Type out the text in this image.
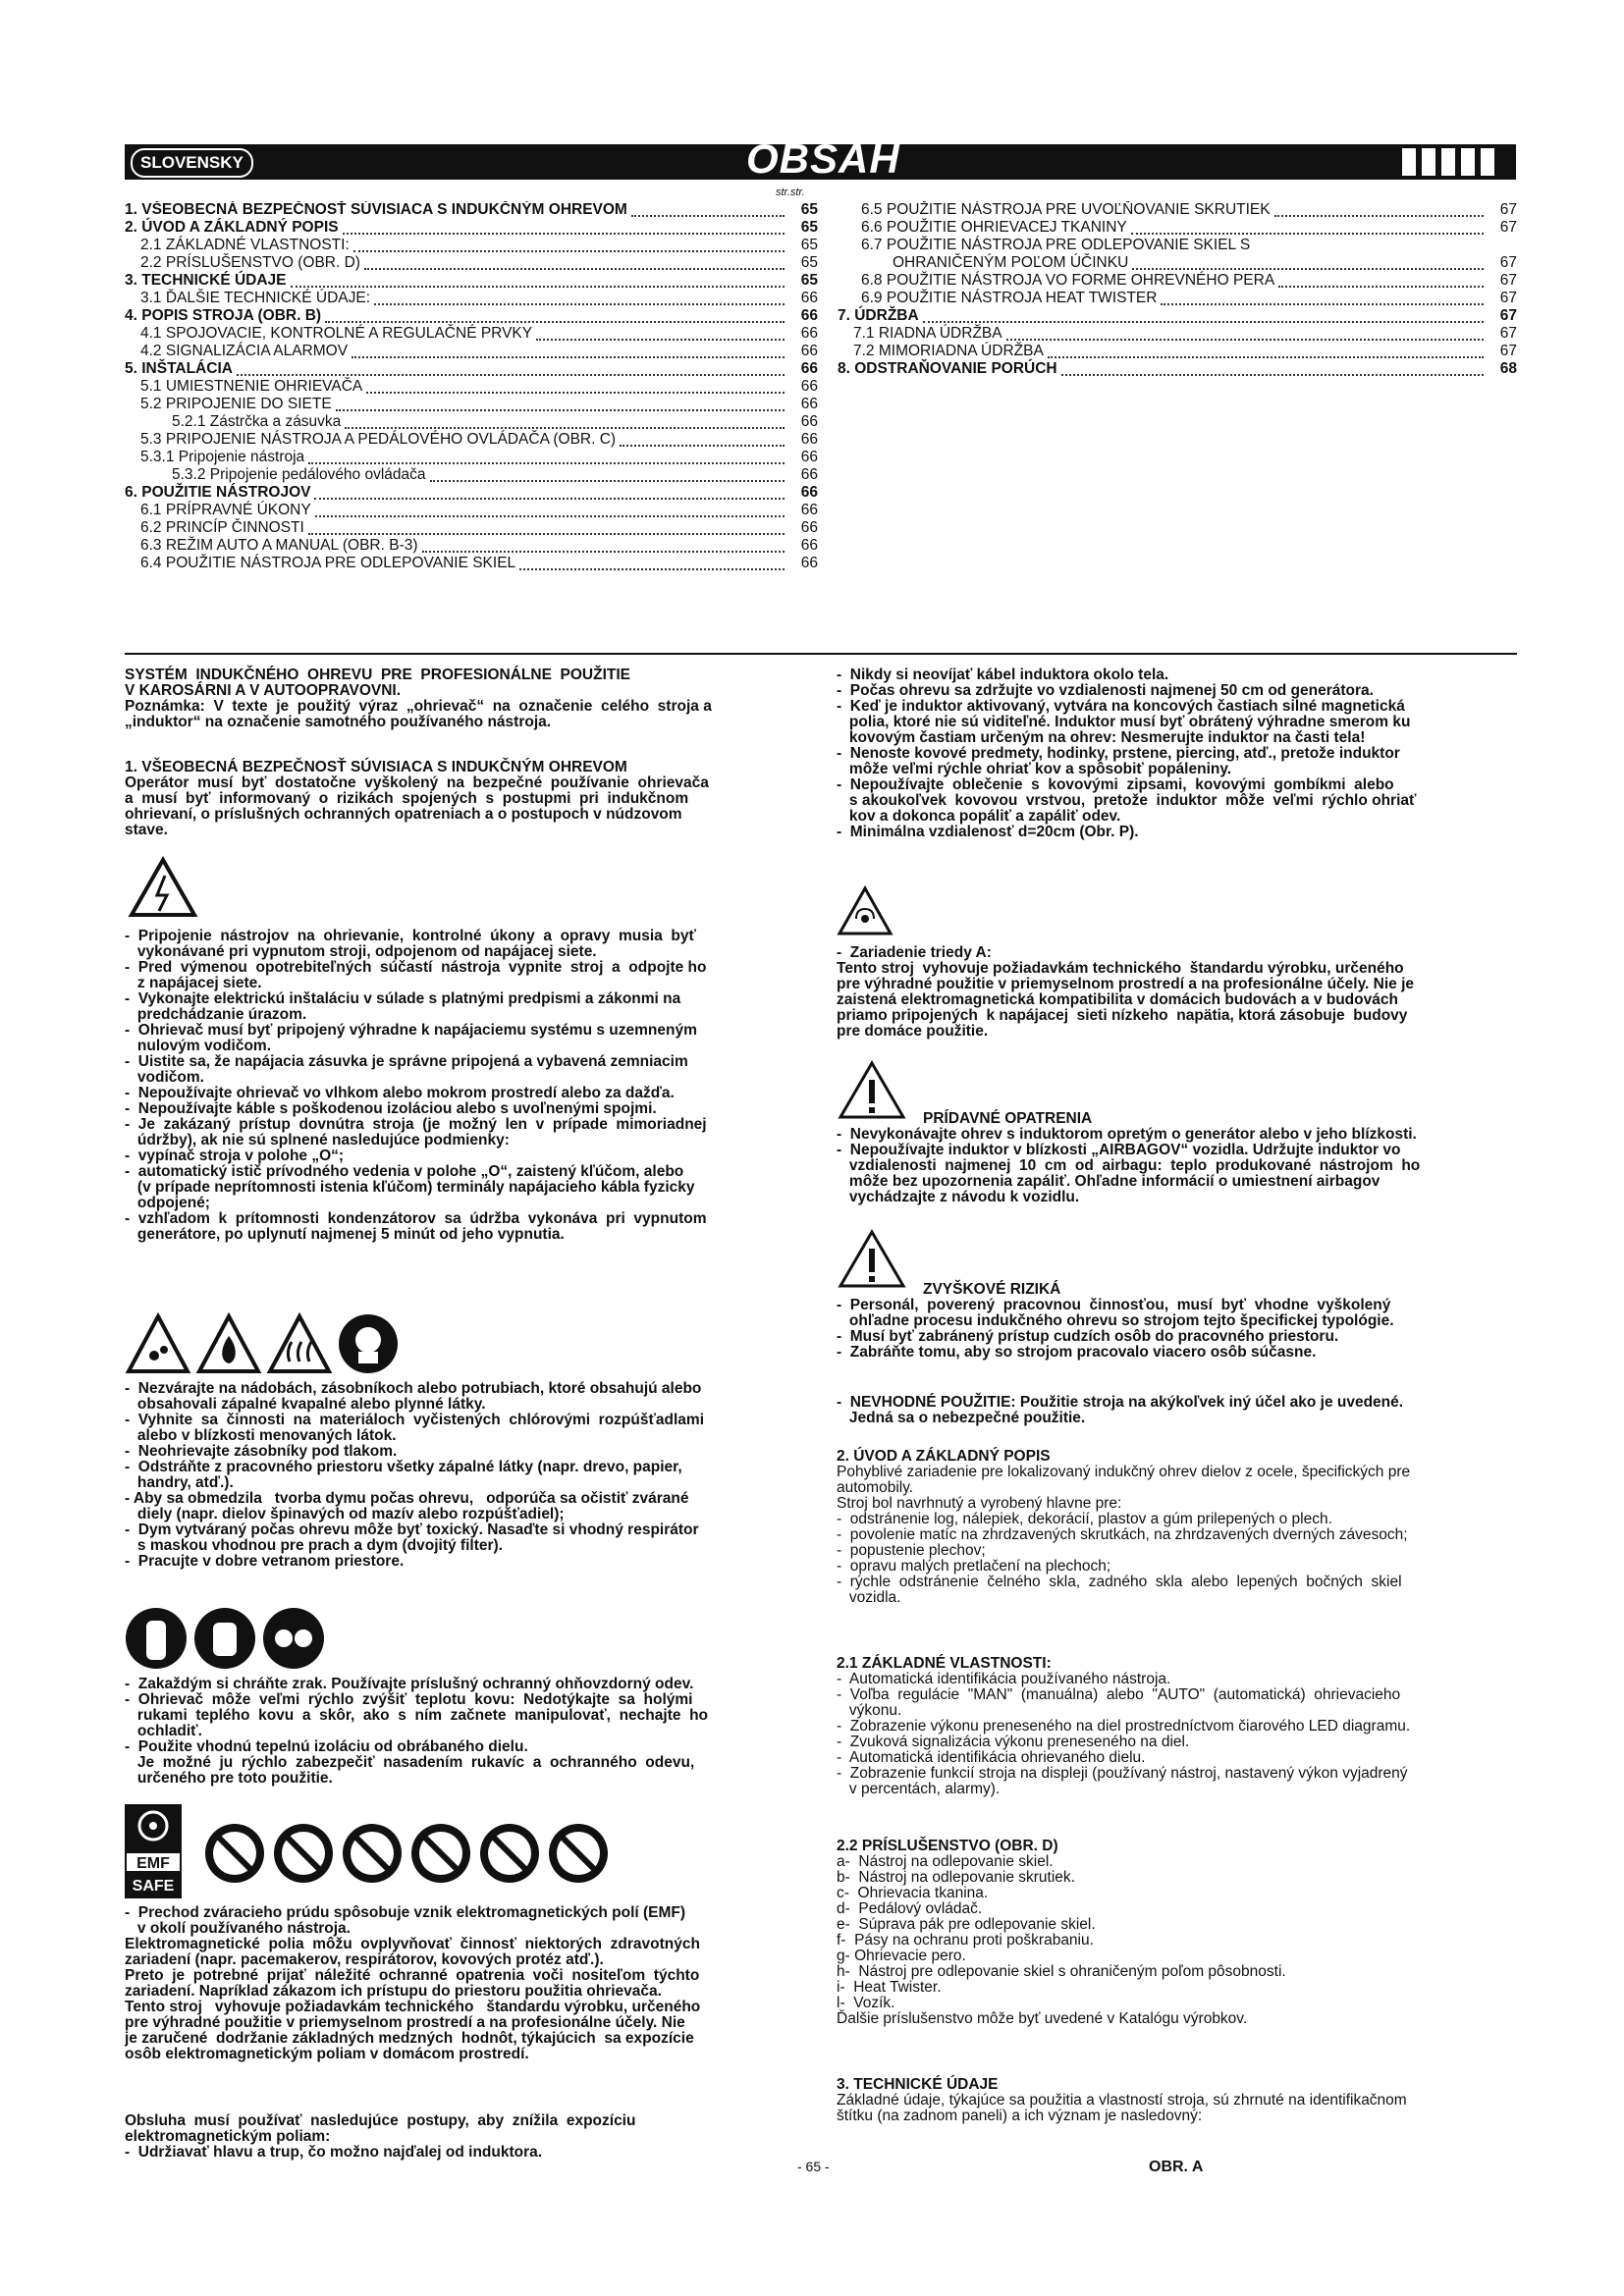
SLOVENSKY	OBSAH
str.str.
1. VŠEOBECNÁ BEZPEČNOSŤ SÚVISIACA S INDUKČNÝM OHREVOM	65
2. ÚVOD A ZÁKLADNÝ POPIS	65
2.1 ZÁKLADNÉ VLASTNOSTI:	65
2.2 PRÍSLUŠENSTVO (OBR. D)	65
3. TECHNICKÉ ÚDAJE	65
3.1 ĎALŠIE TECHNICKÉ ÚDAJE:	66
4. POPIS STROJA (OBR. B)	66
4.1 SPOJOVACIE, KONTROLNÉ A REGULAČNÉ PRVKY	66
4.2 SIGNALIZÁCIA ALARMOV	66
5. INŠTALÁCIA	66
5.1 UMIESTNENIE OHRIEVAČA	66
5.2 PRIPOJENIE DO SIETE	66
5.2.1 Zástrčka a zásuvka	66
5.3 PRIPOJENIE NÁSTROJA A PEDÁLOVÉHO OVLÁDAČA (OBR. C)	66
5.3.1 Pripojenie nástroja	66
5.3.2 Pripojenie pedálového ovládača	66
6. POUŽITIE NÁSTROJOV	66
6.1 PRÍPRAVNÉ ÚKONY	66
6.2 PRINCÍP ČINNOSTI	66
6.3 REŽIM AUTO A MANUAL (OBR. B-3)	66
6.4 POUŽITIE NÁSTROJA PRE ODLEPOVANIE SKIEL	66
6.5 POUŽITIE NÁSTROJA PRE UVOĽŇOVANIE SKRUTIEK	67
6.6 POUŽITIE OHRIEVACEJ TKANINY	67
6.7 POUŽITIE NÁSTROJA PRE ODLEPOVANIE SKIEL S
OHRANIČENÝM POĽOM ÚČINKU	67
6.8 POUŽITIE NÁSTROJA VO FORME OHREVNÉHO PERA	67
6.9 POUŽITIE NÁSTROJA HEAT TWISTER	67
7. ÚDRŽBA	67
7.1 RIADNA ÚDRŽBA	67
7.2 MIMORIADNA ÚDRŽBA	67
8. ODSTRAŇOVANIE PORÚCH	68
SYSTÉM  INDUKČNÉHO  OHREVU  PRE  PROFESIONÁLNE  POUŽITIE
V KAROSÁRNI A V AUTOOPRAVOVNI.
Poznámka:  V  texte  je  použitý  výraz  „ohrievač“  na  označenie  celého  stroja a
„induktor“ na označenie samotného používaného nástroja.
1. VŠEOBECNÁ BEZPEČNOSŤ SÚVISIACA S INDUKČNÝM OHREVOM
Operátor  musí  byť  dostatočne  vyškolený  na  bezpečné  používanie  ohrievača
a  musí  byť  informovaný  o  rizikách  spojených  s  postupmi  pri  indukčnom
ohrievaní, o príslušných ochranných opatreniach a o postupoch v núdzovom
stave.
-  Pripojenie  nástrojov  na  ohrievanie,  kontrolné  úkony  a  opravy  musia  byť
vykonávané pri vypnutom stroji, odpojenom od napájacej siete.
-  Pred  výmenou  opotrebiteľných  súčastí  nástroja  vypnite  stroj  a  odpojte ho
z napájacej siete.
-  Vykonajte elektrickú inštaláciu v súlade s platnými predpismi a zákonmi na
predchádzanie úrazom.
-  Ohrievač musí byť pripojený výhradne k napájaciemu systému s uzemneným
nulovým vodičom.
-  Uistite sa, že napájacia zásuvka je správne pripojená a vybavená zemniacim
vodičom.
-  Nepoužívajte ohrievač vo vlhkom alebo mokrom prostredí alebo za dažďa.
-  Nepoužívajte káble s poškodenou izoláciou alebo s uvoľnenými spojmi.
-  Je  zakázaný  prístup  dovnútra  stroja  (je  možný  len  v  prípade  mimoriadnej
údržby), ak nie sú splnené nasledujúce podmienky:
-  vypínač stroja v polohe „O“;
-  automatický istič prívodného vedenia v polohe „O“, zaistený kľúčom, alebo
(v prípade neprítomnosti istenia kľúčom) terminály napájacieho kábla fyzicky
odpojené;
-  vzhľadom  k  prítomnosti  kondenzátorov  sa  údržba  vykonáva  pri  vypnutom
generátore, po uplynutí najmenej 5 minút od jeho vypnutia.
-  Nezvárajte na nádobách, zásobníkoch alebo potrubiach, ktoré obsahujú alebo
obsahovali zápalné kvapalné alebo plynné látky.
-  Vyhnite  sa  činnosti  na  materiáloch  vyčistených  chlórovými  rozpúšťadlami
alebo v blízkosti menovaných látok.
-  Neohrievajte zásobníky pod tlakom.
-  Odstráňte z pracovného priestoru všetky zápalné látky (napr. drevo, papier,
handry, atď.).
- Aby sa obmedzila   tvorba dymu počas ohrevu,   odporúča sa očistiť zvárané
diely (napr. dielov špinavých od mazív alebo rozpúšťadiel);
-  Dym vytváraný počas ohrevu môže byť toxický. Nasaďte si vhodný respirátor
s maskou vhodnou pre prach a dym (dvojitý filter).
-  Pracujte v dobre vetranom priestore.
-  Zakaždým si chráňte zrak. Používajte príslušný ochranný ohňovzdorný odev.
-  Ohrievač  môže  veľmi  rýchlo  zvýšiť  teplotu  kovu:  Nedotýkajte  sa  holými
rukami  teplého  kovu  a  skôr,  ako  s  ním  začnete  manipulovať,  nechajte  ho
ochladiť.
-  Použite vhodnú tepelnú izoláciu od obrábaného dielu.
Je  možné  ju  rýchlo  zabezpečiť  nasadením  rukavíc  a  ochranného  odevu,
určeného pre toto použitie.
EMF
SAFE
-  Prechod zváracieho prúdu spôsobuje vznik elektromagnetických polí (EMF)
v okolí používaného nástroja.
Elektromagnetické  polia  môžu  ovplyvňovať  činnosť  niektorých  zdravotných
zariadení (napr. pacemakerov, respirátorov, kovových protéz atď.).
Preto  je  potrebné  prijať  náležité  ochranné  opatrenia  voči  nositeľom  týchto
zariadení. Napríklad zákazom ich prístupu do priestoru použitia ohrievača.
Tento stroj   vyhovuje požiadavkám technického   štandardu výrobku, určeného
pre výhradné použitie v priemyselnom prostredí a na profesionálne účely. Nie
je zaručené  dodržanie základných medzných  hodnôt, týkajúcich  sa expozície
osôb elektromagnetickým poliam v domácom prostredí.
Obsluha  musí  používať  nasledujúce  postupy,  aby  znížila  expozíciu
elektromagnetickým poliam:
-  Udržiavať hlavu a trup, čo možno najďalej od induktora.
-  Nikdy si neovíjať kábel induktora okolo tela.
-  Počas ohrevu sa zdržujte vo vzdialenosti najmenej 50 cm od generátora.
-  Keď je induktor aktivovaný, vytvára na koncových častiach silné magnetická
polia, ktoré nie sú viditeľné. Induktor musí byť obrátený výhradne smerom ku
kovovým častiam určeným na ohrev: Nesmerujte induktor na časti tela!
-  Nenoste kovové predmety, hodinky, prstene, piercing, atď., pretože induktor
môže veľmi rýchle ohriať kov a spôsobiť popáleniny.
-  Nepoužívajte  oblečenie  s  kovovými  zipsami,  kovovými  gombíkmi  alebo
s akoukoľvek  kovovou  vrstvou,  pretože  induktor  môže  veľmi  rýchlo ohriať
kov a dokonca popáliť a zapáliť odev.
-  Minimálna vzdialenosť d=20cm (Obr. P).
-  Zariadenie triedy A:
Tento stroj  vyhovuje požiadavkám technického  štandardu výrobku, určeného
pre výhradné použitie v priemyselnom prostredí a na profesionálne účely. Nie je
zaistená elektromagnetická kompatibilita v domácich budovách a v budovách
priamo pripojených  k napájacej  sieti nízkeho  napätia, ktorá zásobuje  budovy
pre domáce použitie.
PRÍDAVNÉ OPATRENIA
-  Nevykonávajte ohrev s induktorom opretým o generátor alebo v jeho blízkosti.
-  Nepoužívajte induktor v blízkosti „AIRBAGOV“ vozidla. Udržujte induktor vo
vzdialenosti  najmenej  10  cm  od  airbagu:  teplo  produkované  nástrojom  ho
môže bez upozornenia zapáliť. Ohľadne informácií o umiestnení airbagov
vychádzajte z návodu k vozidlu.
ZVYŠKOVÉ RIZIKÁ
-  Personál,  poverený  pracovnou  činnosťou,  musí  byť  vhodne  vyškolený
ohľadne procesu indukčného ohrevu so strojom tejto špecifickej typológie.
-  Musí byť zabránený prístup cudzích osôb do pracovného priestoru.
-  Zabráňte tomu, aby so strojom pracovalo viacero osôb súčasne.
-  NEVHODNÉ POUŽITIE: Použitie stroja na akýkoľvek iný účel ako je uvedené.
Jedná sa o nebezpečné použitie.
2. ÚVOD A ZÁKLADNÝ POPIS
Pohyblivé zariadenie pre lokalizovaný indukčný ohrev dielov z ocele, špecifických pre
automobily.
Stroj bol navrhnutý a vyrobený hlavne pre:
-  odstránenie log, nálepiek, dekorácií, plastov a gúm prilepených o plech.
-  povolenie matíc na zhrdzavených skrutkách, na zhrdzavených dverných závesoch;
-  popustenie plechov;
-  opravu malých pretlačení na plechoch;
-  rýchle  odstránenie  čelného  skla,  zadného  skla  alebo  lepených  bočných  skiel
vozidla.
2.1 ZÁKLADNÉ VLASTNOSTI:
-  Automatická identifikácia používaného nástroja.
-  Voľba  regulácie  "MAN"  (manuálna)  alebo  "AUTO"  (automatická)  ohrievacieho
výkonu.
-  Zobrazenie výkonu preneseného na diel prostredníctvom čiarového LED diagramu.
-  Zvuková signalizácia výkonu preneseného na diel.
-  Automatická identifikácia ohrievaného dielu.
-  Zobrazenie funkcií stroja na displeji (používaný nástroj, nastavený výkon vyjadrený
v percentách, alarmy).
2.2 PRÍSLUŠENSTVO (OBR. D)
a-  Nástroj na odlepovanie skiel.
b-  Nástroj na odlepovanie skrutiek.
c-  Ohrievacia tkanina.
d-  Pedálový ovládač.
e-  Súprava pák pre odlepovanie skiel.
f-  Pásy na ochranu proti poškrabaniu.
g- Ohrievacie pero.
h-  Nástroj pre odlepovanie skiel s ohraničeným poľom pôsobnosti.
i-  Heat Twister.
l-  Vozík.
Ďalšie príslušenstvo môže byť uvedené v Katalógu výrobkov.
3. TECHNICKÉ ÚDAJE
Základné údaje, týkajúce sa použitia a vlastností stroja, sú zhrnuté na identifikačnom
štítku (na zadnom paneli) a ich význam je nasledovný:
OBR. A
- 65 -
